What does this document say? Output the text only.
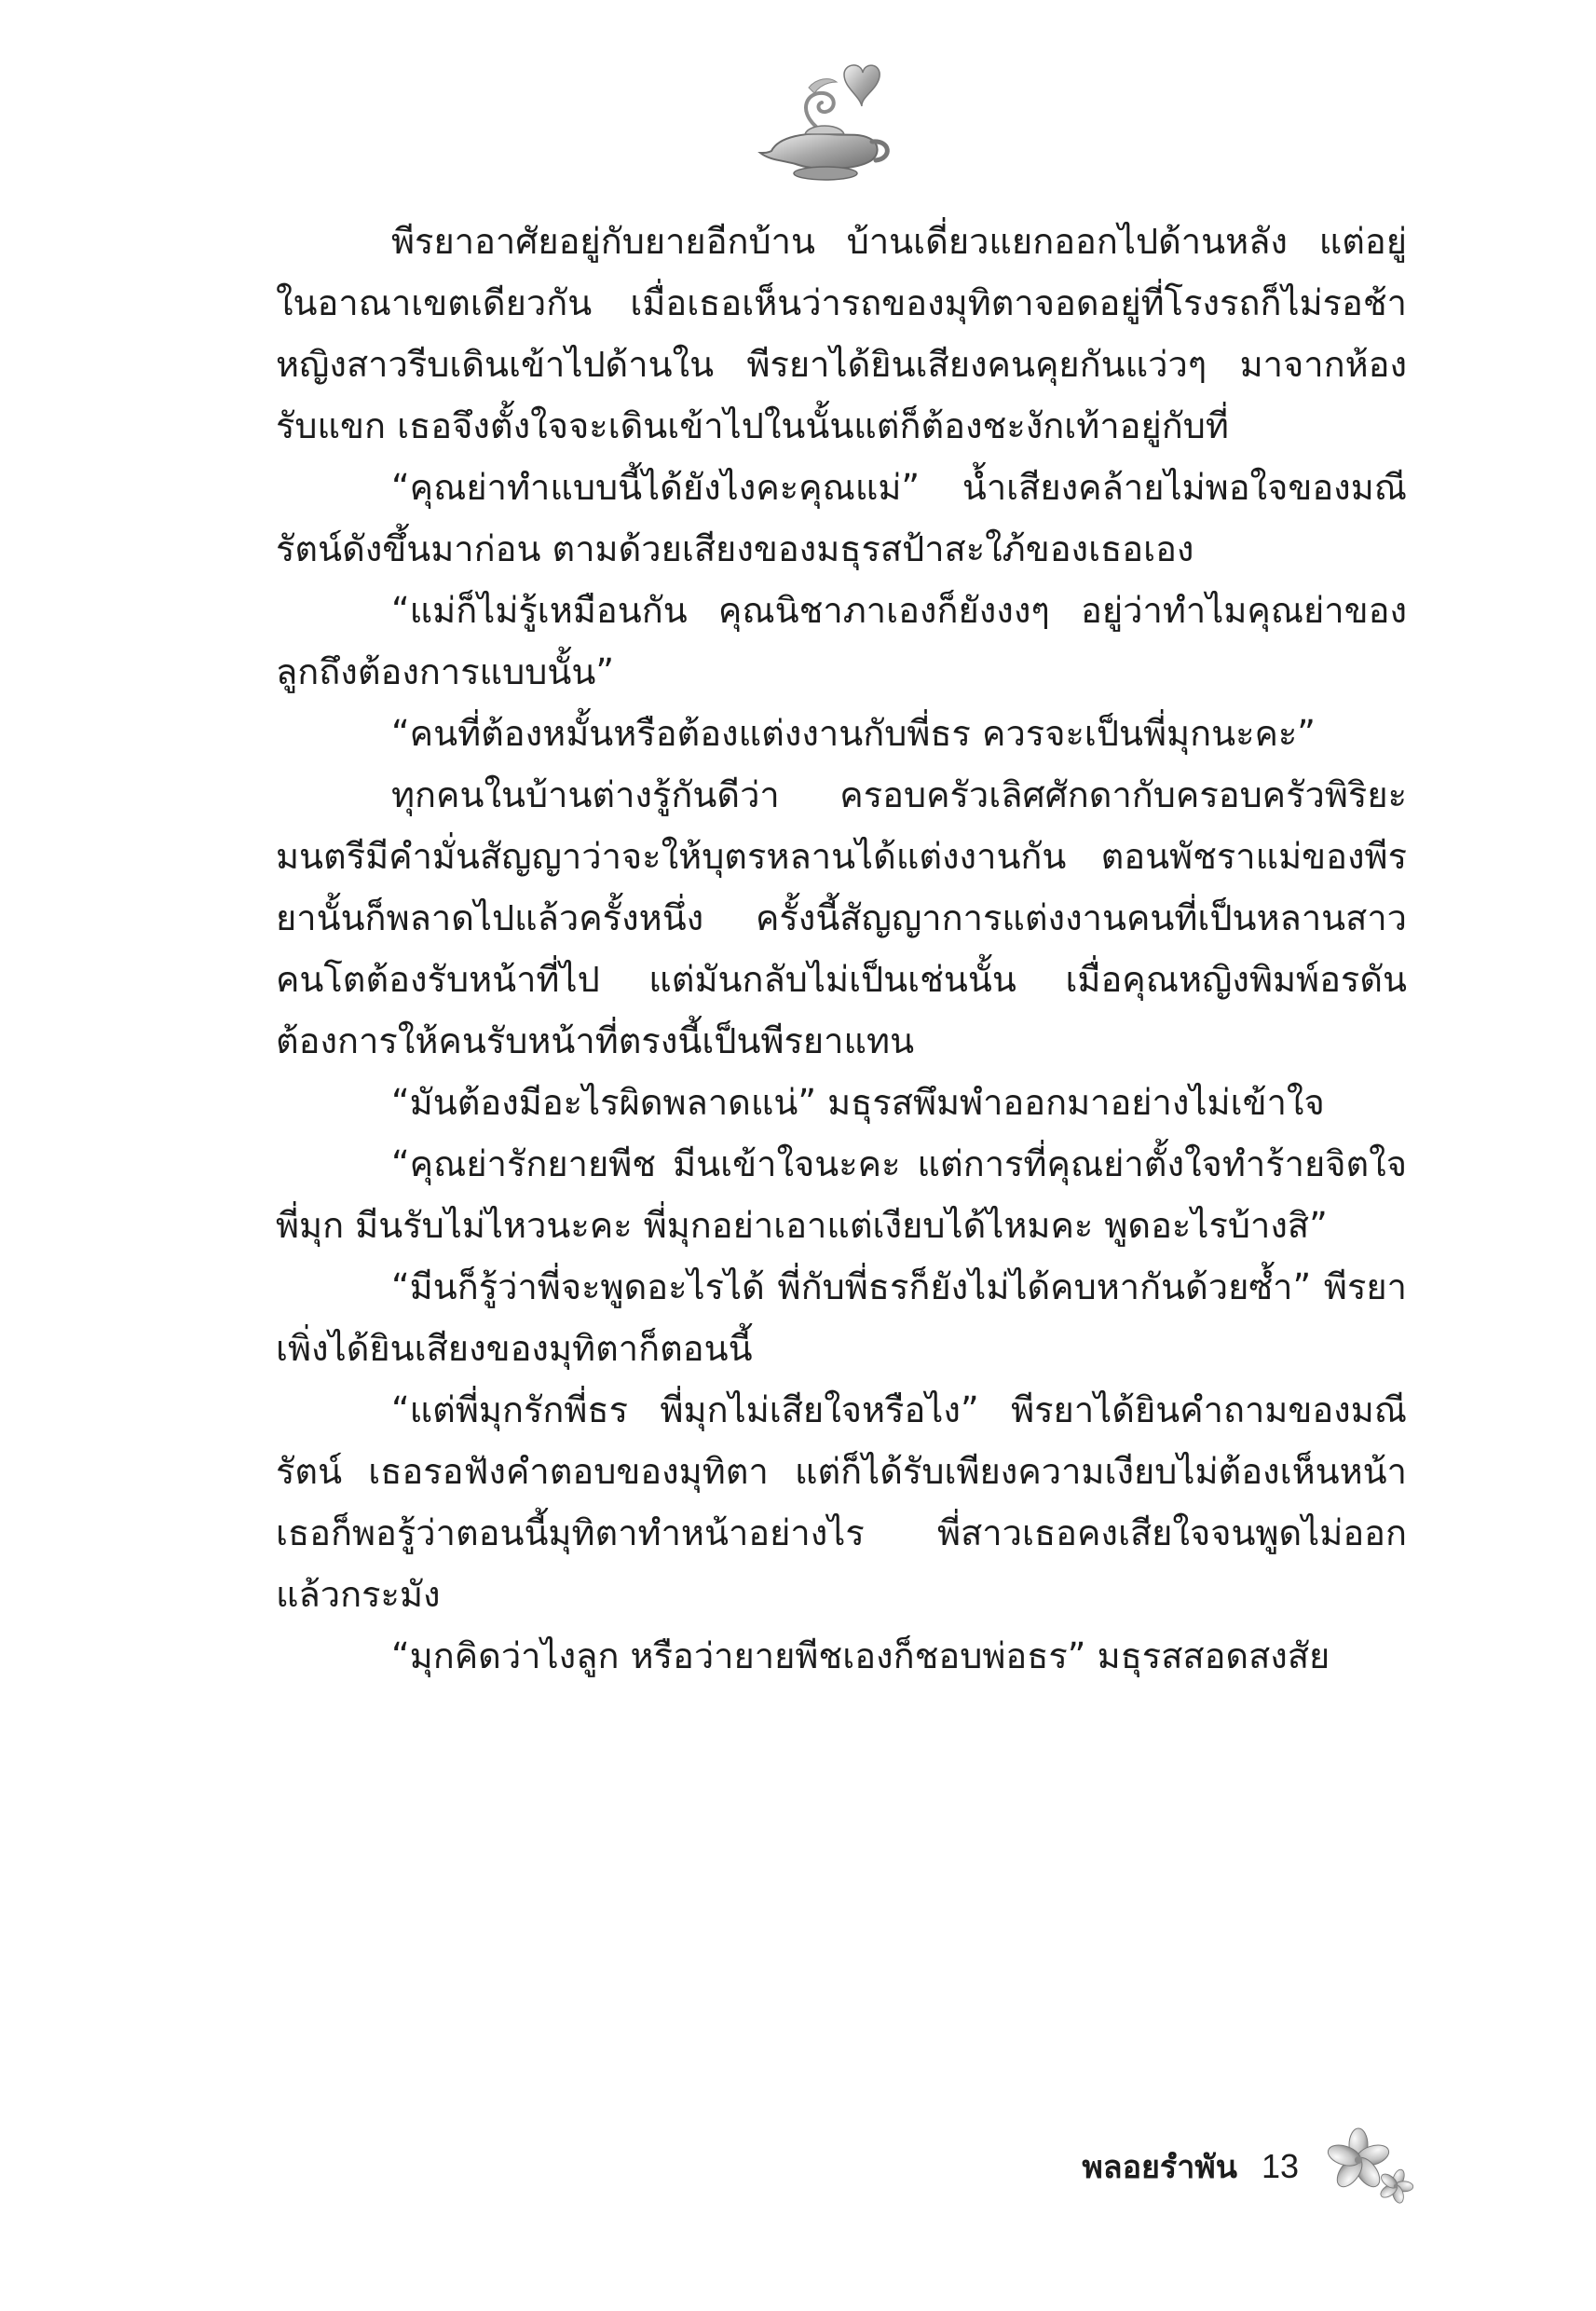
พีรยาอาศัยอยู่กับยายอีกบ้าน บ้านเดี่ยวแยกออกไปด้านหลัง แต่อยู่ในอาณาเขตเดียวกัน เมื่อเธอเห็นว่ารถของมุทิตาจอดอยู่ที่โรงรถก็ไม่รอช้า หญิงสาวรีบเดินเข้าไปด้านใน พีรยาได้ยินเสียงคนคุยกันแว่วๆ มาจากห้องรับแขก เธอจึงตั้งใจจะเดินเข้าไปในนั้นแต่ก็ต้องชะงักเท้าอยู่กับที่

“คุณย่าทำแบบนี้ได้ยังไงคะคุณแม่” น้ำเสียงคล้ายไม่พอใจของมณีรัตน์ดังขึ้นมาก่อน ตามด้วยเสียงของมธุรสป้าสะใภ้ของเธอเอง

“แม่ก็ไม่รู้เหมือนกัน คุณนิชาภาเองก็ยังงงๆ อยู่ว่าทำไมคุณย่าของลูกถึงต้องการแบบนั้น”

“คนที่ต้องหมั้นหรือต้องแต่งงานกับพี่ธร ควรจะเป็นพี่มุกนะคะ”

ทุกคนในบ้านต่างรู้กันดีว่า ครอบครัวเลิศศักดากับครอบครัวพิริยะมนตรีมีคำมั่นสัญญาว่าจะให้บุตรหลานได้แต่งงานกัน ตอนพัชราแม่ของพีรยานั้นก็พลาดไปแล้วครั้งหนึ่ง ครั้งนี้สัญญาการแต่งงานคนที่เป็นหลานสาวคนโตต้องรับหน้าที่ไป แต่มันกลับไม่เป็นเช่นนั้น เมื่อคุณหญิงพิมพ์อรดันต้องการให้คนรับหน้าที่ตรงนี้เป็นพีรยาแทน

“มันต้องมีอะไรผิดพลาดแน่” มธุรสพึมพำออกมาอย่างไม่เข้าใจ

“คุณย่ารักยายพีช มีนเข้าใจนะคะ แต่การที่คุณย่าตั้งใจทำร้ายจิตใจพี่มุก มีนรับไม่ไหวนะคะ พี่มุกอย่าเอาแต่เงียบได้ไหมคะ พูดอะไรบ้างสิ”

“มีนก็รู้ว่าพี่จะพูดอะไรได้ พี่กับพี่ธรก็ยังไม่ได้คบหากันด้วยซ้ำ” พีรยาเพิ่งได้ยินเสียงของมุทิตาก็ตอนนี้

“แต่พี่มุกรักพี่ธร พี่มุกไม่เสียใจหรือไง” พีรยาได้ยินคำถามของมณีรัตน์ เธอรอฟังคำตอบของมุทิตา แต่ก็ได้รับเพียงความเงียบไม่ต้องเห็นหน้าเธอก็พอรู้ว่าตอนนี้มุทิตาทำหน้าอย่างไร พี่สาวเธอคงเสียใจจนพูดไม่ออกแล้วกระมัง

“มุกคิดว่าไงลูก หรือว่ายายพีชเองก็ชอบพ่อธร” มธุรสสอดสงสัย

พลอยรำพัน 13
